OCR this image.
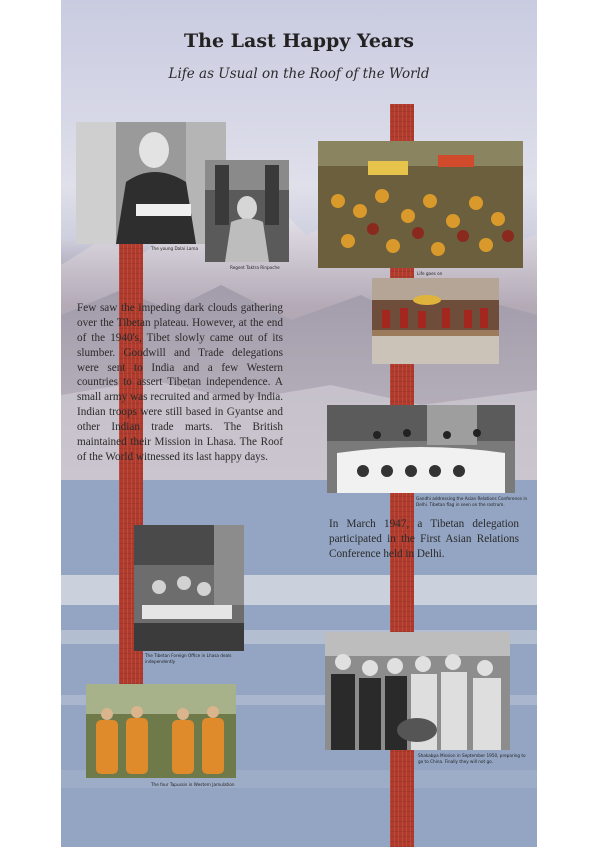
The Last Happy Years
Life as Usual on the Roof of the World
The young Dalai Lama
Regent Taktra Rinpoche
Life goes on
Gandhi addressing the Asian Relations Conference in Delhi. Tibetan flag in seen on the rostrum.

Few saw the impeding dark clouds gathering over the Tibetan plateau. However, at the end of the 1940's, Tibet slowly came out of its slumber. Goodwill and Trade delegations were sent to India and a few Western countries to assert Tibetan independence. A small army was recruited and armed by India. Indian troops were still based in Gyantse and other Indian trade marts. The British maintained their Mission in Lhasa. The Roof of the World witnessed its last happy days.

In March 1947, a Tibetan delegation participated in the First Asian Relations Conference held in Delhi.

The Tibetan Foreign Office in Lhasa deals independently
The four Tapussis in Western Jamulation
Shakabpa Mission in September 1950, preparing to go to China. Finally they will not go.
